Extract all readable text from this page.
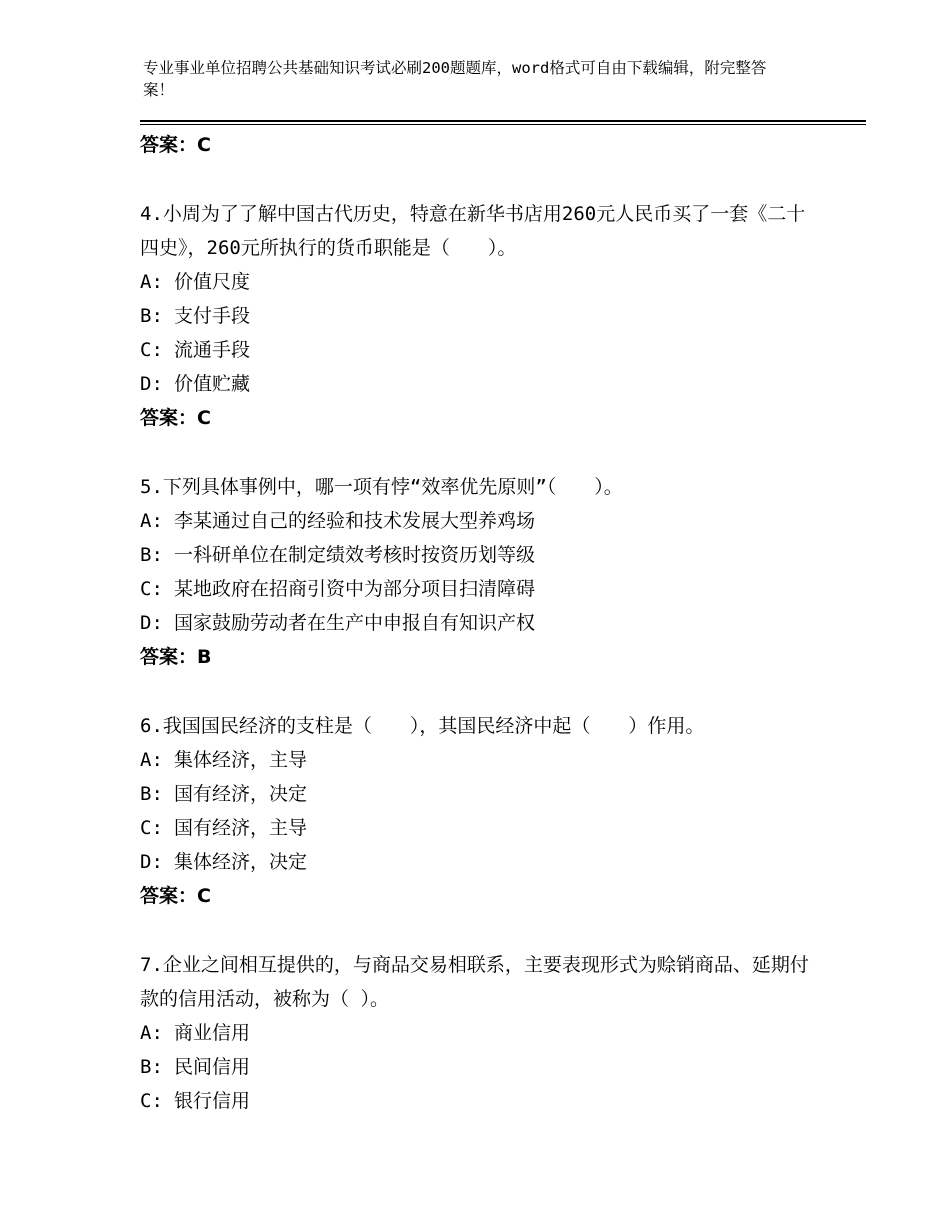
专业事业单位招聘公共基础知识考试必刷200题题库，word格式可自由下载编辑，附完整答案！
答案：C
4.小周为了了解中国古代历史，特意在新华书店用260元人民币买了一套《二十四史》，260元所执行的货币职能是（　　）。
A: 价值尺度
B: 支付手段
C: 流通手段
D: 价值贮藏
答案：C
5.下列具体事例中，哪一项有悖“效率优先原则”（　　）。
A: 李某通过自己的经验和技术发展大型养鸡场
B: 一科研单位在制定绩效考核时按资历划等级
C: 某地政府在招商引资中为部分项目扫清障碍
D: 国家鼓励劳动者在生产中申报自有知识产权
答案：B
6.我国国民经济的支柱是（　　），其国民经济中起（　　）作用。
A: 集体经济，主导
B: 国有经济，决定
C: 国有经济，主导
D: 集体经济，决定
答案：C
7.企业之间相互提供的，与商品交易相联系，主要表现形式为赊销商品、延期付款的信用活动，被称为（ ）。
A: 商业信用
B: 民间信用
C: 银行信用
